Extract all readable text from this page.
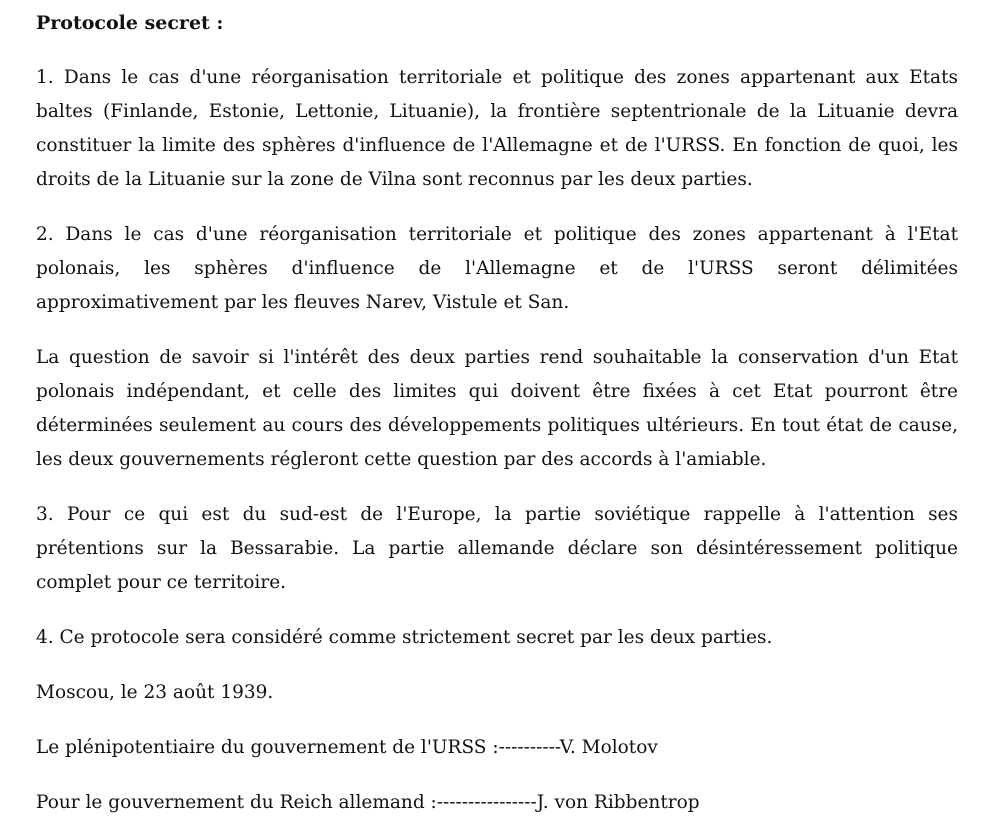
Protocole secret :

1. Dans le cas d'une réorganisation territoriale et politique des zones appartenant aux Etats baltes (Finlande, Estonie, Lettonie, Lituanie), la frontière septentrionale de la Lituanie devra constituer la limite des sphères d'influence de l'Allemagne et de l'URSS. En fonction de quoi, les droits de la Lituanie sur la zone de Vilna sont reconnus par les deux parties.

2. Dans le cas d'une réorganisation territoriale et politique des zones appartenant à l'Etat polonais, les sphères d'influence de l'Allemagne et de l'URSS seront délimitées approximativement par les fleuves Narev, Vistule et San.

La question de savoir si l'intérêt des deux parties rend souhaitable la conservation d'un Etat polonais indépendant, et celle des limites qui doivent être fixées à cet Etat pourront être déterminées seulement au cours des développements politiques ultérieurs. En tout état de cause, les deux gouvernements régleront cette question par des accords à l'amiable.

3. Pour ce qui est du sud-est de l'Europe, la partie soviétique rappelle à l'attention ses prétentions sur la Bessarabie. La partie allemande déclare son désintéressement politique complet pour ce territoire.

4. Ce protocole sera considéré comme strictement secret par les deux parties.

Moscou, le 23 août 1939.

Le plénipotentiaire du gouvernement de l'URSS :----------V. Molotov

Pour le gouvernement du Reich allemand :----------------J. von Ribbentrop
